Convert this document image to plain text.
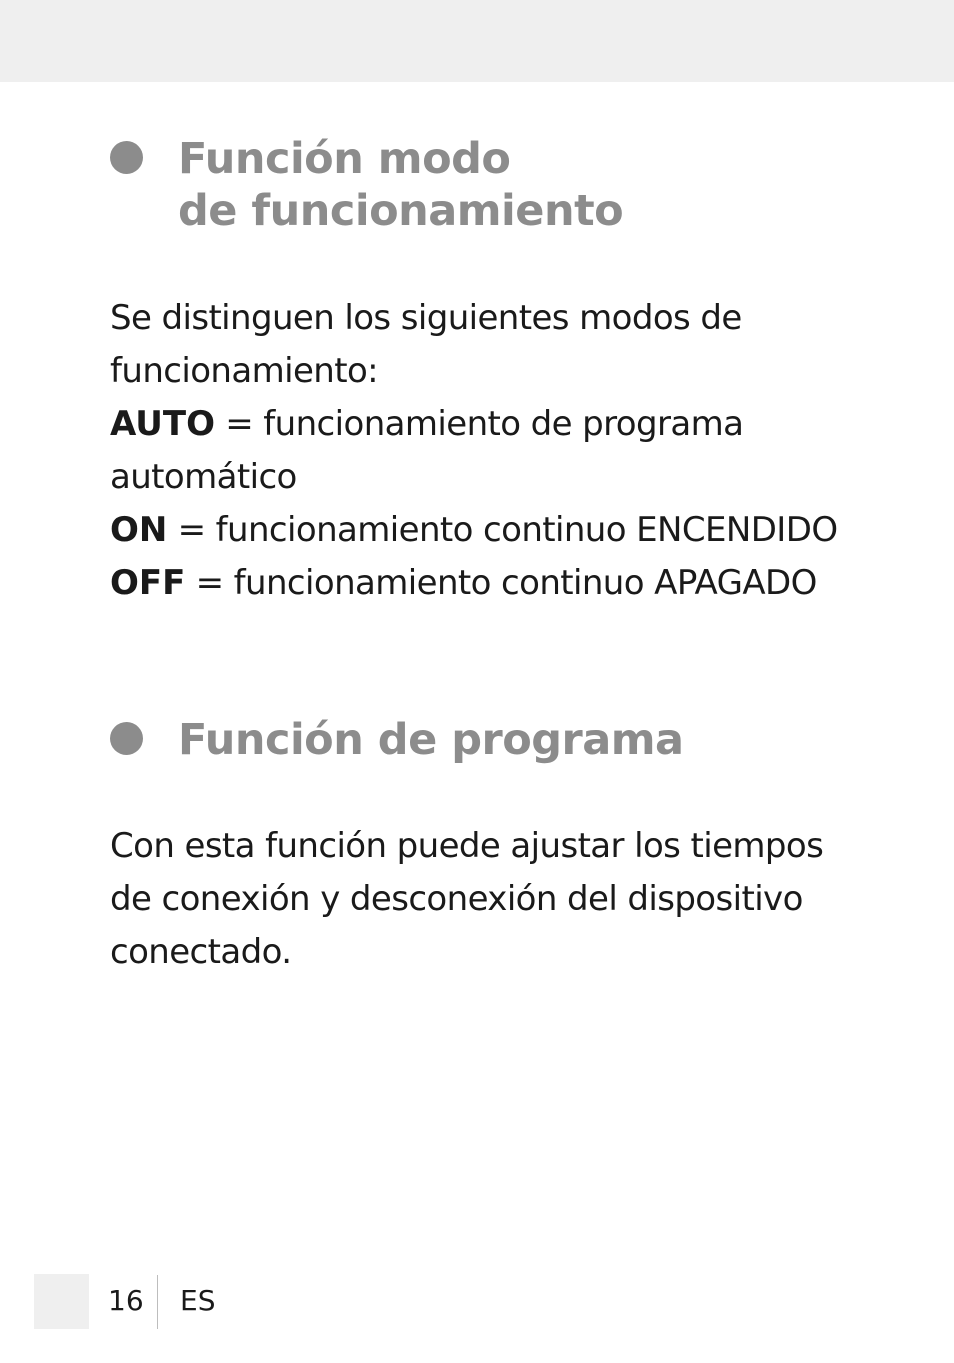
Función modo
de funcionamiento

Se distinguen los siguientes modos de funcionamiento:

AUTO = funcionamiento de programa automático

ON = funcionamiento continuo ENCENDIDO

OFF = funcionamiento continuo APAGADO

Función de programa

Con esta función puede ajustar los tiempos de conexión y desconexión del dispositivo conectado.

16 ES
